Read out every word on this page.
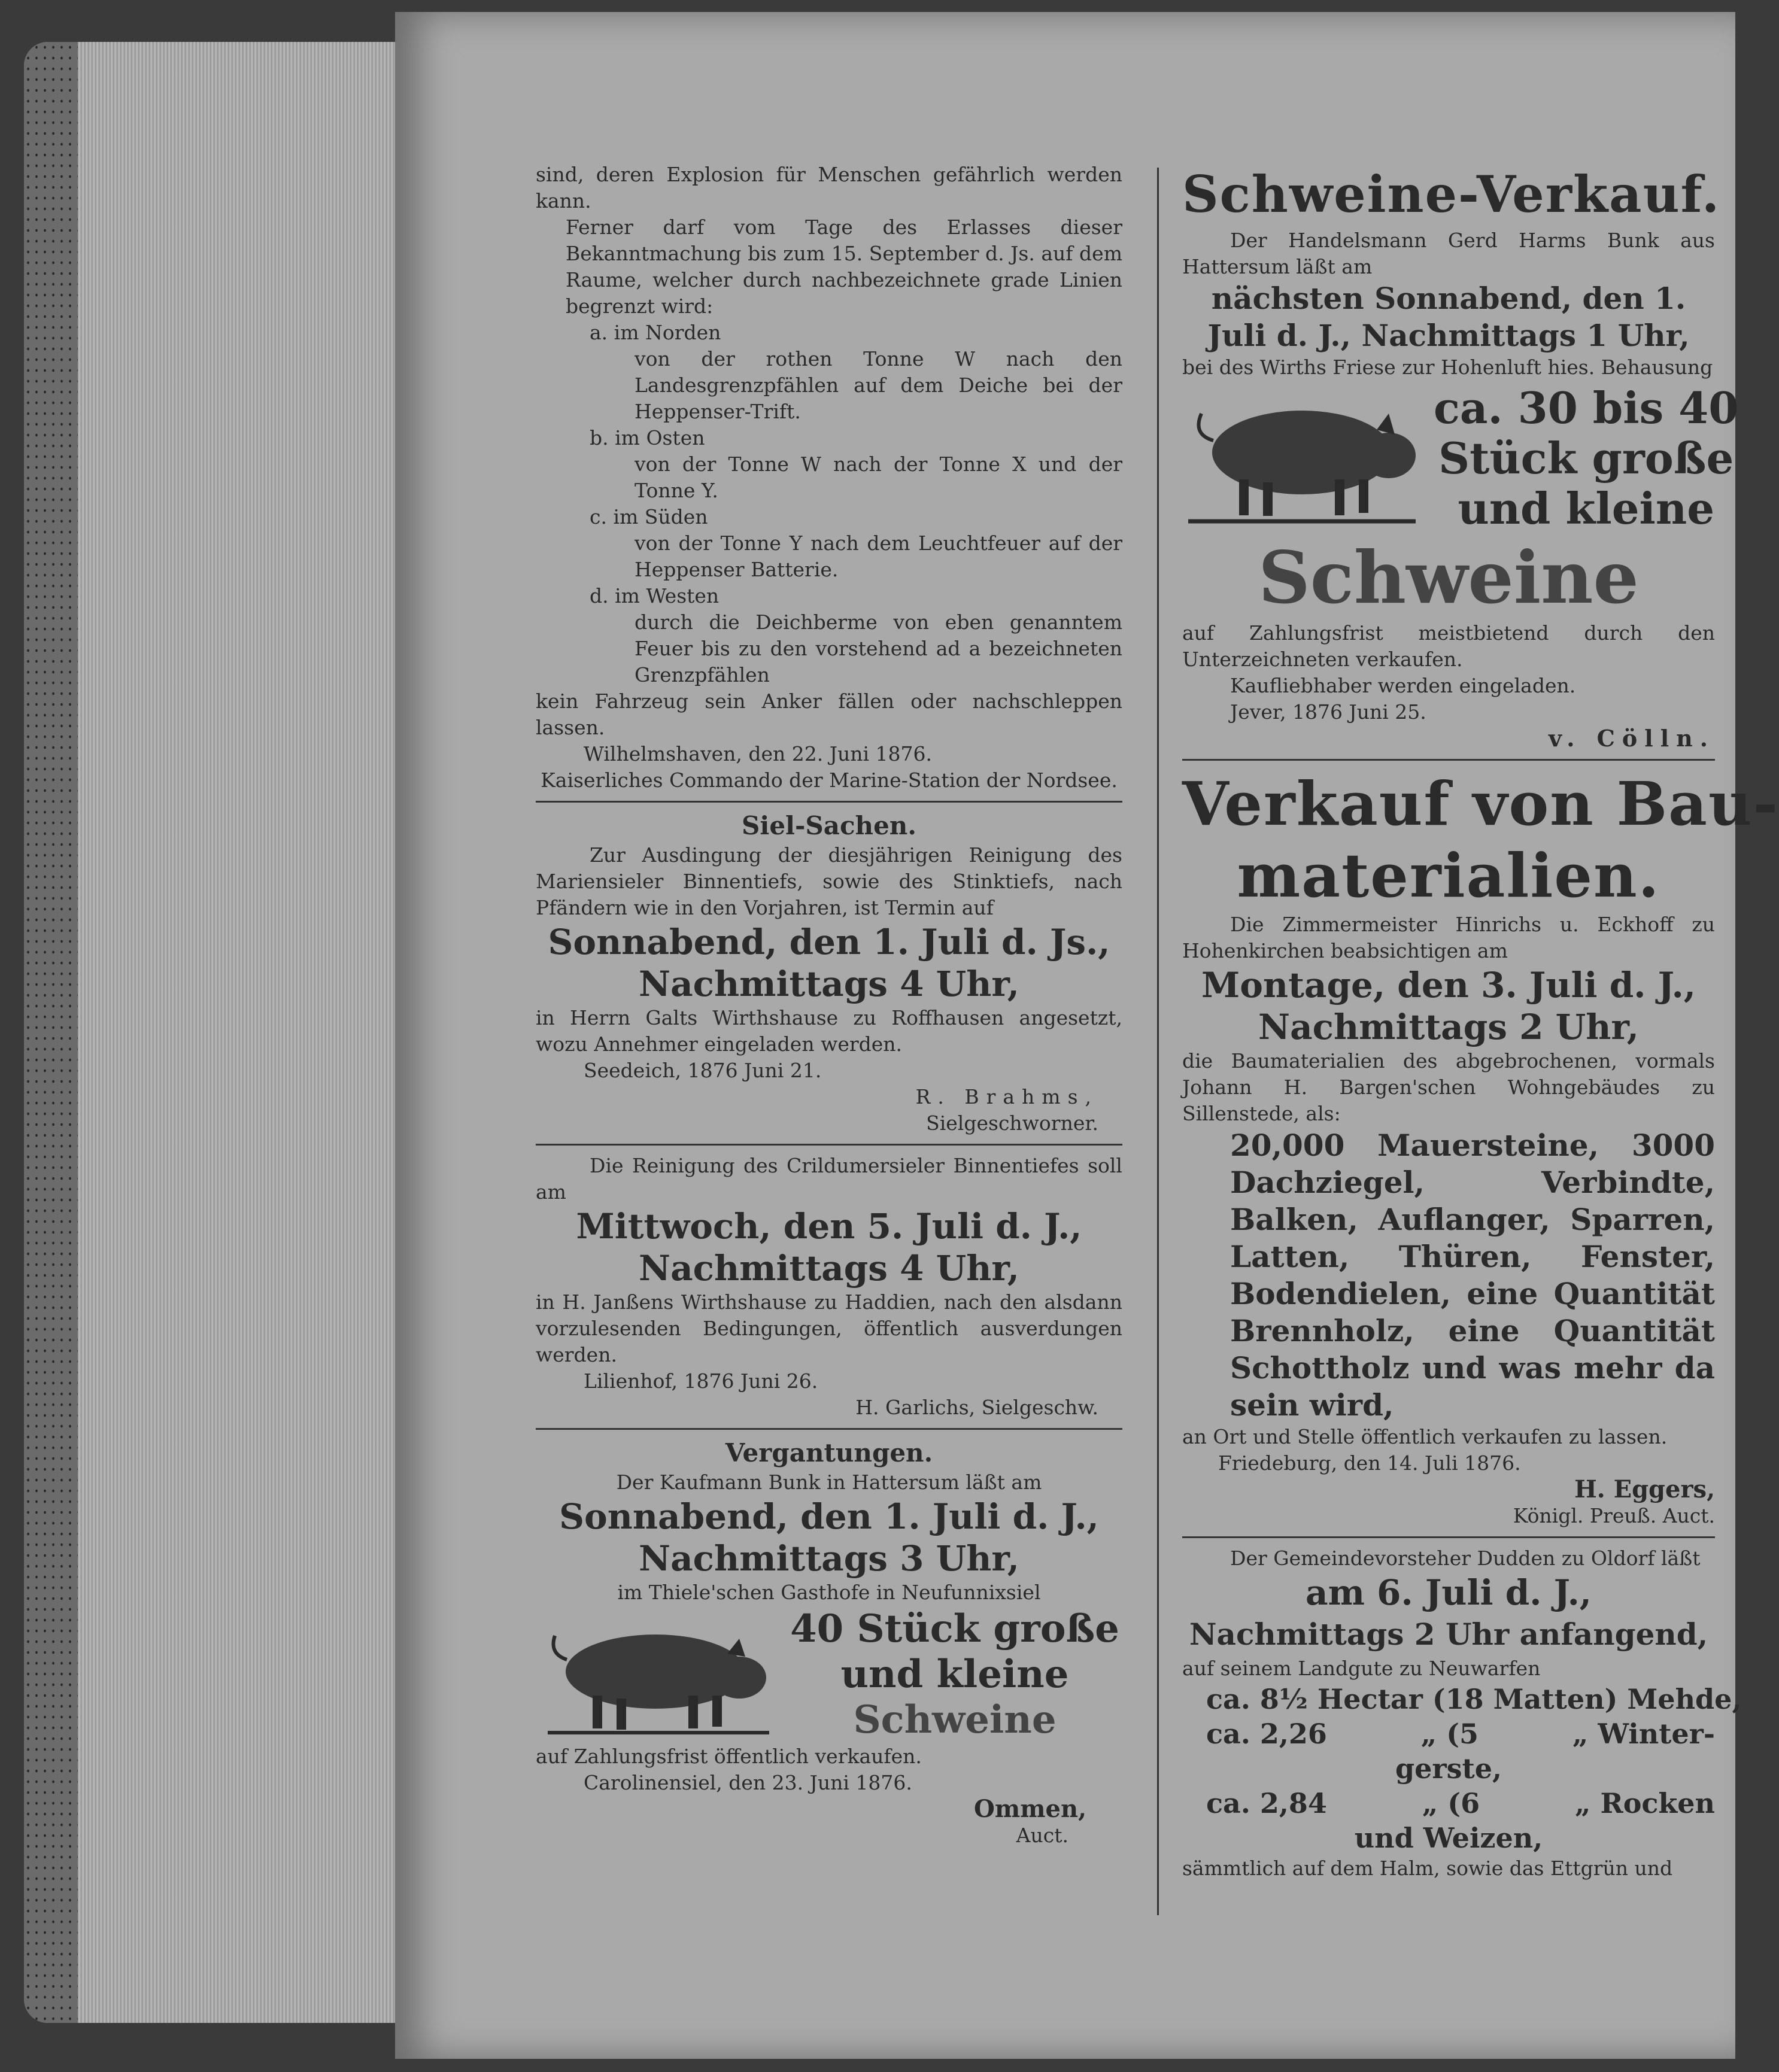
sind, deren Explosion für Menschen gefährlich werden kann.

Ferner darf vom Tage des Erlasses dieser Bekanntmachung bis zum 15. September d. Js. auf dem Raume, welcher durch nachbezeichnete grade Linien begrenzt wird:

a. im Norden

von der rothen Tonne W nach den Landesgrenzpfählen auf dem Deiche bei der Heppenser-Trift.

b. im Osten

von der Tonne W nach der Tonne X und der Tonne Y.

c. im Süden

von der Tonne Y nach dem Leuchtfeuer auf der Heppenser Batterie.

d. im Westen

durch die Deichberme von eben genanntem Feuer bis zu den vorstehend ad a bezeichneten Grenzpfählen

kein Fahrzeug sein Anker fällen oder nachschleppen lassen.

Wilhelmshaven, den 22. Juni 1876.

Kaiserliches Commando der Marine-Station der Nordsee.

Siel-Sachen.

Zur Ausdingung der diesjährigen Reinigung des Mariensieler Binnentiefs, sowie des Stinktiefs, nach Pfändern wie in den Vorjahren, ist Termin auf

Sonnabend, den 1. Juli d. Js.,

Nachmittags 4 Uhr,

in Herrn Galts Wirthshause zu Roffhausen angesetzt, wozu Annehmer eingeladen werden.

Seedeich, 1876 Juni 21.

R. Brahms,

Sielgeschworner.

Die Reinigung des Crildumersieler Binnentiefes soll am

Mittwoch, den 5. Juli d. J.,

Nachmittags 4 Uhr,

in H. Janßens Wirthshause zu Haddien, nach den alsdann vorzulesenden Bedingungen, öffentlich ausverdungen werden.

Lilienhof, 1876 Juni 26.

H. Garlichs, Sielgeschw.

Vergantungen.

Der Kaufmann Bunk in Hattersum läßt am

Sonnabend, den 1. Juli d. J.,

Nachmittags 3 Uhr,

im Thiele'schen Gasthofe in Neufunnixsiel

40 Stück große

und kleine

Schweine

auf Zahlungsfrist öffentlich verkaufen.

Carolinensiel, den 23. Juni 1876.

Ommen,

Auct.

Schweine-Verkauf.

Der Handelsmann Gerd Harms Bunk aus Hattersum läßt am

nächsten Sonnabend, den 1. Juli d. J., Nachmittags 1 Uhr,

bei des Wirths Friese zur Hohenluft hies. Behausung

ca. 30 bis 40

Stück große

und kleine

Schweine

auf Zahlungsfrist meistbietend durch den Unterzeichneten verkaufen.

Kaufliebhaber werden eingeladen.

Jever, 1876 Juni 25.

v. Cölln.

Verkauf von Bau-

materialien.

Die Zimmermeister Hinrichs u. Eckhoff zu Hohenkirchen beabsichtigen am

Montage, den 3. Juli d. J.,

Nachmittags 2 Uhr,

die Baumaterialien des abgebrochenen, vormals Johann H. Bargen'schen Wohngebäudes zu Sillenstede, als:

20,000 Mauersteine, 3000 Dachziegel, Verbindte, Balken, Auflanger, Sparren, Latten, Thüren, Fenster, Bodendielen, eine Quantität Brennholz, eine Quantität Schottholz und was mehr da sein wird,

an Ort und Stelle öffentlich verkaufen zu lassen.

Friedeburg, den 14. Juli 1876.

H. Eggers,

Königl. Preuß. Auct.

Der Gemeindevorsteher Dudden zu Oldorf läßt

am 6. Juli d. J.,

Nachmittags 2 Uhr anfangend,

auf seinem Landgute zu Neuwarfen

ca. 8½ Hectar (18 Matten) Mehde,

ca. 2,26	„ (5	„ Winter-

gerste,

ca. 2,84	„ (6	„ Rocken

und Weizen,

sämmtlich auf dem Halm, sowie das Ettgrün und
